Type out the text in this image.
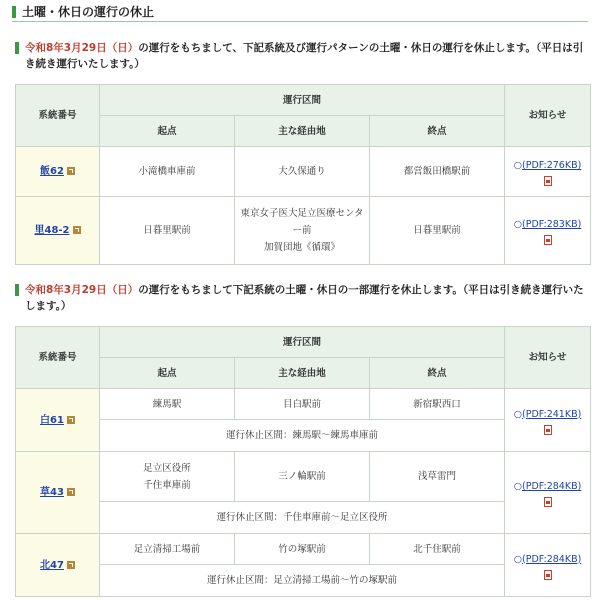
土曜・休日の運行の休止
令和8年3月29日（日）の運行をもちまして、下記系統及び運行パターンの土曜・休日の運行を休止します。（平日は引き続き運行いたします。）
系統番号	運行区間			お知らせ
	起点	主な経由地	終点	
飯62	小滝橋車庫前	大久保通り	都営飯田橋駅前	○(PDF:276KB)

里48-2	日暮里駅前	東京女子医大足立医療センタ
ー前
加賀団地《循環》	日暮里駅前	○(PDF:283KB)
令和8年3月29日（日）の運行をもちまして下記系統の土曜・休日の一部運行を休止します。（平日は引き続き運行いたします。）
系統番号	運行区間			お知らせ
	起点	主な経由地	終点	
白61	練馬駅	目白駅前	新宿駅西口	○(PDF:241KB)

	運行休止区間：練馬駅～練馬車庫前			
草43	足立区役所
千住車庫前	三ノ輪駅前	浅草雷門	○(PDF:284KB)

	運行休止区間：千住車庫前～足立区役所			
北47	足立清掃工場前	竹の塚駅前	北千住駅前	○(PDF:284KB)

	運行休止区間：足立清掃工場前～竹の塚駅前			
